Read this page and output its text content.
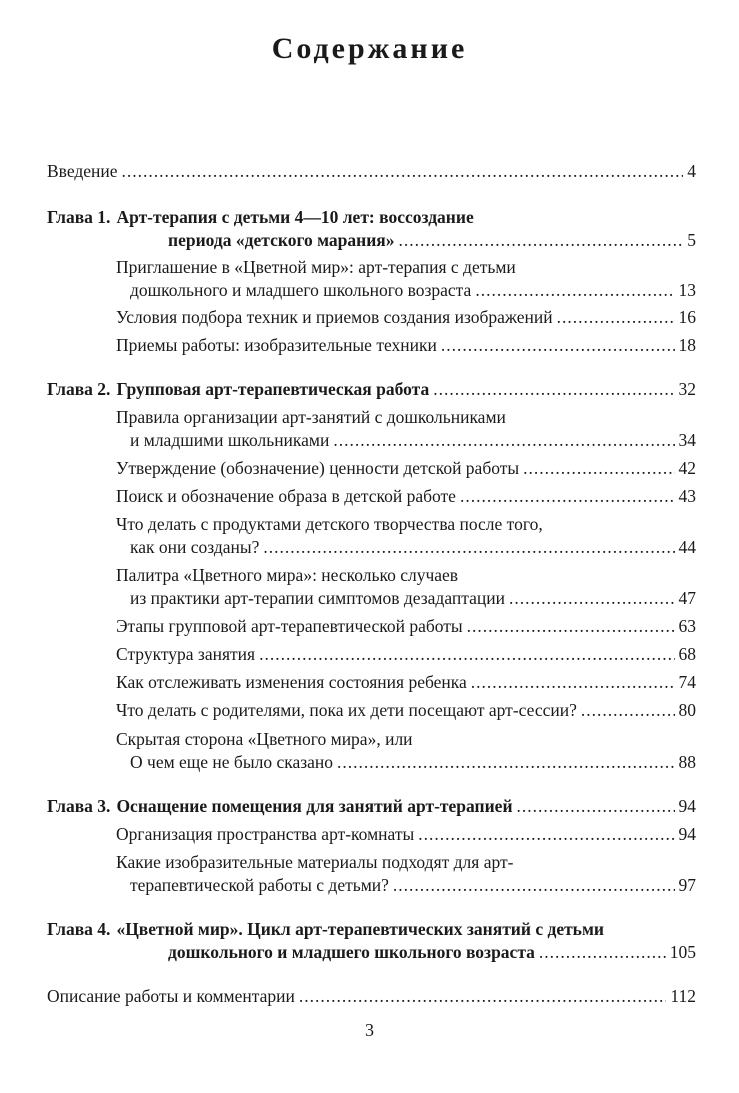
Содержание
Введение .....	4
Глава 1. Арт-терапия с детьми 4—10 лет: воссоздание
периода «детского марания» .....	5
Приглашение в «Цветной мир»: арт-терапия с детьми
дошкольного и младшего школьного возраста .....	13
Условия подбора техник и приемов создания изображений .....	16
Приемы работы: изобразительные техники .....	18
Глава 2. Групповая арт-терапевтическая работа .....	32
Правила организации арт-занятий с дошкольниками
и младшими школьниками .....	34
Утверждение (обозначение) ценности детской работы .....	42
Поиск и обозначение образа в детской работе .....	43
Что делать с продуктами детского творчества после того,
как они созданы? .....	44
Палитра «Цветного мира»: несколько случаев
из практики арт-терапии симптомов дезадаптации .....	47
Этапы групповой арт-терапевтической работы .....	63
Структура занятия .....	68
Как отслеживать изменения состояния ребенка .....	74
Что делать с родителями, пока их дети посещают арт-сессии? .....	80
Скрытая сторона «Цветного мира», или
О чем еще не было сказано .....	88
Глава 3. Оснащение помещения для занятий арт-терапией .....	94
Организация пространства арт-комнаты .....	94
Какие изобразительные материалы подходят для арт-
терапевтической работы с детьми? .....	97
Глава 4. «Цветной мир». Цикл арт-терапевтических занятий с детьми
дошкольного и младшего школьного возраста .....	105
Описание работы и комментарии .....	112
3
